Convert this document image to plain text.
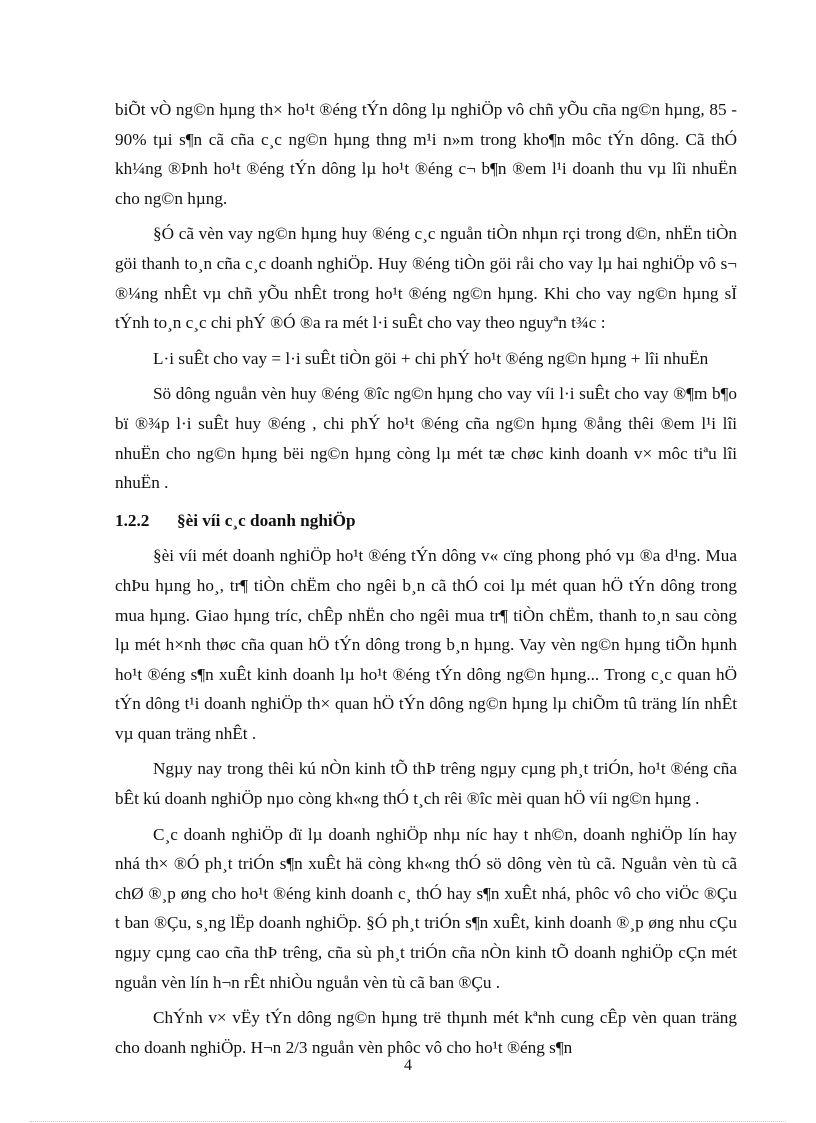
biÕt vÒ ng©n hµng th× ho¹t ®éng tÝn dông lµ nghiÖp vô chñ yÕu cña ng©n hµng, 85 - 90% tµi s¶n cã cña c¸c ng©n hµng thng m¹i n»m trong kho¶n môc tÝn dông. Cã thÓ kh¼ng ®Þnh ho¹t ®éng tÝn dông lµ ho¹t ®éng c¬ b¶n ®em l¹i doanh thu vµ lîi nhuËn cho ng©n hµng.

§Ó cã vèn vay ng©n hµng huy ®éng c¸c nguån tiÒn nhµn rçi trong d©n, nhËn tiÒn göi thanh to¸n cña c¸c doanh nghiÖp. Huy ®éng tiÒn göi råi cho vay lµ hai nghiÖp vô s¬ ®¼ng nhÊt vµ chñ yÕu nhÊt trong ho¹t ®éng ng©n hµng. Khi cho vay ng©n hµng sÏ tÝnh to¸n c¸c chi phÝ ®Ó ®a ra mét l·i suÊt cho vay theo nguyªn t¾c :

L·i suÊt cho vay = l·i suÊt tiÒn göi + chi phÝ ho¹t ®éng ng©n hµng + lîi nhuËn

Sö dông nguån vèn huy ®éng ®îc ng©n hµng cho vay víi l·i suÊt cho vay ®¶m b¶o bï ®¾p l·i suÊt huy ®éng , chi phÝ ho¹t ®éng cña ng©n hµng ®ång thêi ®em l¹i lîi nhuËn cho ng©n hµng bëi ng©n hµng còng lµ mét tæ chøc kinh doanh v× môc tiªu lîi nhuËn .

1.2.2 §èi víi c¸c doanh nghiÖp

§èi víi mét doanh nghiÖp ho¹t ®éng tÝn dông v« cïng phong phó vµ ®a d¹ng. Mua chÞu hµng ho¸, tr¶ tiÒn chËm cho ngêi b¸n cã thÓ coi lµ mét quan hÖ tÝn dông trong mua hµng. Giao hµng tríc, chÊp nhËn cho ngêi mua tr¶ tiÒn chËm, thanh to¸n sau còng lµ mét h×nh thøc cña quan hÖ tÝn dông trong b¸n hµng. Vay vèn ng©n hµng tiÕn hµnh ho¹t ®éng s¶n xuÊt kinh doanh lµ ho¹t ®éng tÝn dông ng©n hµng... Trong c¸c quan hÖ tÝn dông t¹i doanh nghiÖp th× quan hÖ tÝn dông ng©n hµng lµ chiÕm tû träng lín nhÊt vµ quan träng nhÊt .

Ngµy nay trong thêi kú nÒn kinh tÕ thÞ trêng ngµy cµng ph¸t triÓn, ho¹t ®éng cña bÊt kú doanh nghiÖp nµo còng kh«ng thÓ t¸ch rêi ®îc mèi quan hÖ víi ng©n hµng .

C¸c doanh nghiÖp dï lµ doanh nghiÖp nhµ níc hay t nh©n, doanh nghiÖp lín hay nhá th× ®Ó ph¸t triÓn s¶n xuÊt hä còng kh«ng thÓ sö dông vèn tù cã. Nguån vèn tù cã chØ ®¸p øng cho ho¹t ®éng kinh doanh c¸ thÓ hay s¶n xuÊt nhá, phôc vô cho viÖc ®Çu t ban ®Çu, s¸ng lËp doanh nghiÖp. §Ó ph¸t triÓn s¶n xuÊt, kinh doanh ®¸p øng nhu cÇu ngµy cµng cao cña thÞ trêng, cña sù ph¸t triÓn cña nÒn kinh tÕ doanh nghiÖp cÇn mét nguån vèn lín h¬n rÊt nhiÒu nguån vèn tù cã ban ®Çu .

ChÝnh v× vËy tÝn dông ng©n hµng trë thµnh mét kªnh cung cÊp vèn quan träng cho doanh nghiÖp. H¬n 2/3 nguån vèn phôc vô cho ho¹t ®éng s¶n

4
